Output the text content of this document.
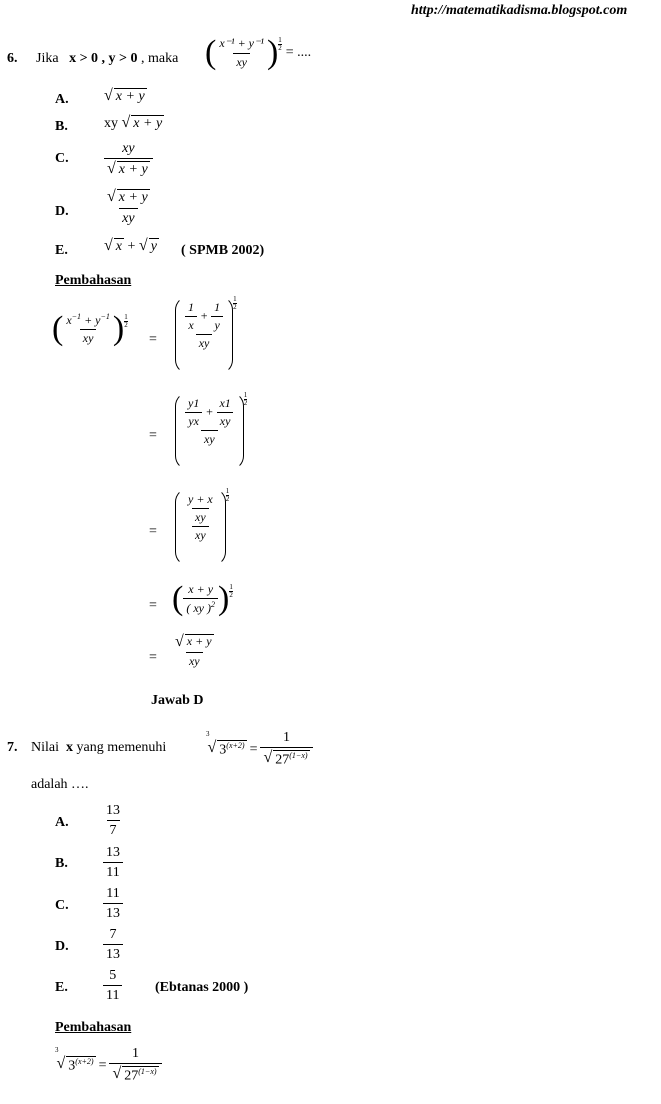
http://matematikadisma.blogspot.com
6. Jika x > 0 , y > 0 , maka ( $\frac{\text{x⁻¹ + y⁻¹}}{xy}$ ) $\frac{1}{2}$
= ....
A. √ x + y
B.	xy √ x + y
C.	$\frac{xy}{√ x + y}$
D. $\frac{√ x + y}{xy}$
E. √ x + √ y ( SPMB 2002)
Pembahasan
( $\frac{x^{-1} + y^{-1}}{xy}$ ) 1
2
= $\frac{\frac{1}{x} + \frac{1}{y}}{xy}$
1
2
= $\frac{\frac{y1}{yx} + \frac{x1}{xy}}{xy}$
1
2
= $\frac{\frac{y + x}{xy}}{xy}$
1
2
= ( $\frac{x + y}{( xy )^2}$ ) 1
2
= $\frac{√ x + y}{xy}$
Jawab D
7. Nilai x yang memenuhi
3
√ $3^{(x+2)} = \frac{1}{√ 27^{(1-x)}}$
adalah ….
A. $\frac{13}{7}$
B.	$\frac{13}{11}$
C. $\frac{11}{13}$
D. $\frac{7}{13}$
E.	$\frac{5}{11}$ (Ebtanas 2000 )
Pembahasan
3
√ $3^{(x+2)} = \frac{1}{√ 27^{(1-x)}}$
